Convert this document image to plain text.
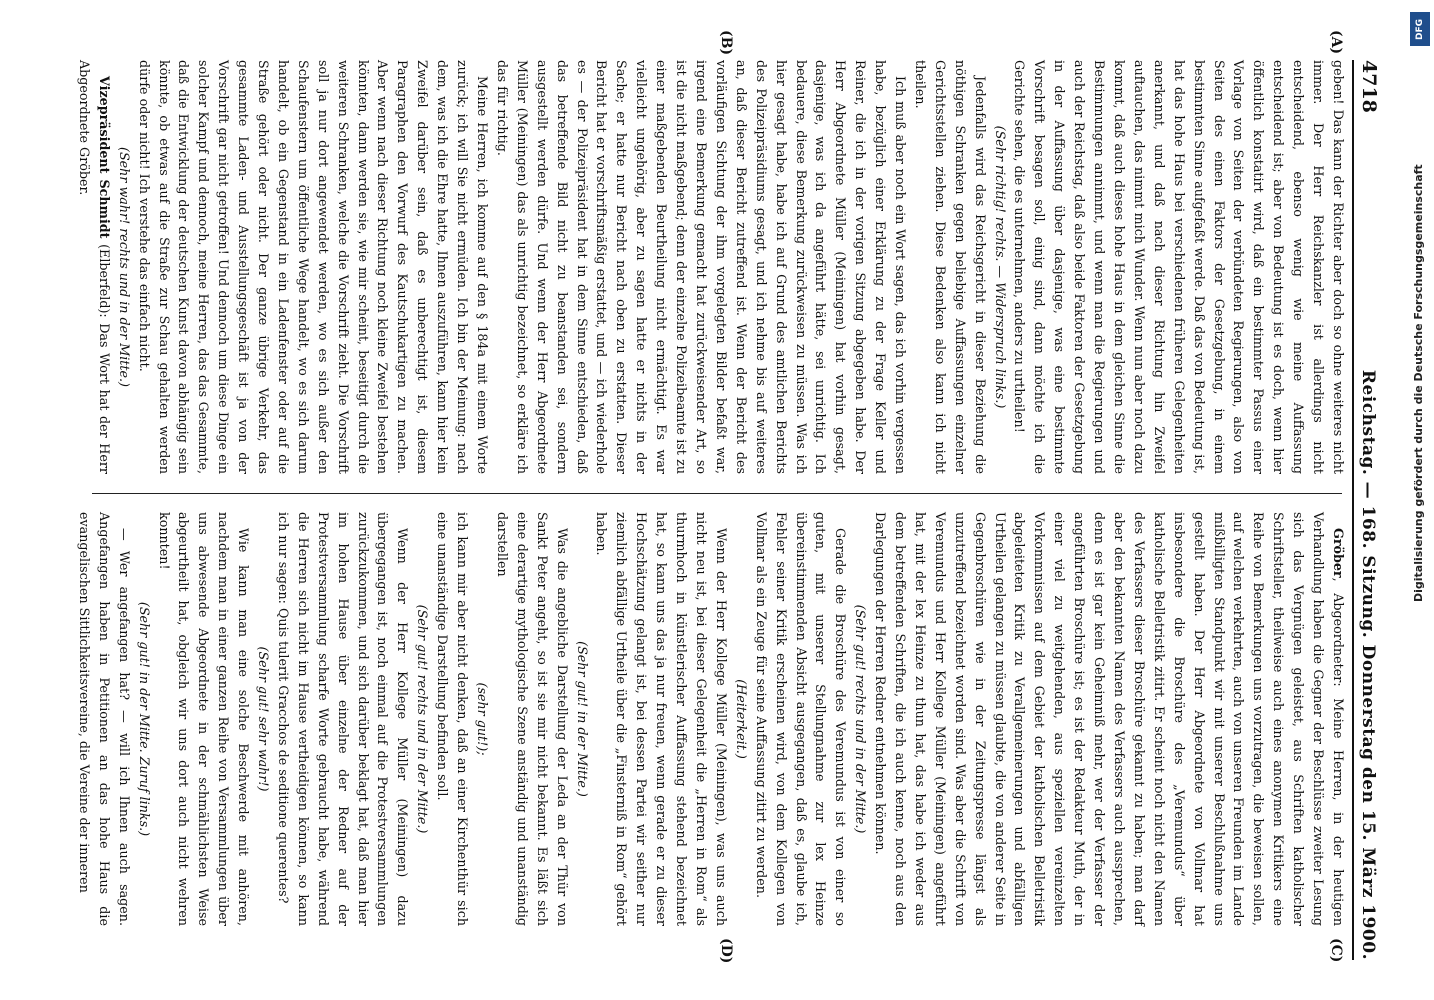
4718
Reichstag. — 168. Sitzung. Donnerstag den 15. März 1900.
(A)
(B)
(C)
(D)

geben! Das kann der Richter aber doch so ohne weiteres nicht immer. Der Herr Reichskanzler ist allerdings nicht entscheidend, ebenso wenig wie meine Auffassung entscheidend ist; aber von Bedeutung ist es doch, wenn hier öffentlich konstatirt wird, daß ein bestimmter Passus einer Vorlage von Seiten der verbündeten Regierungen, also von Seiten des einen Faktors der Gesetzgebung, in einem bestimmten Sinne aufgefaßt werde. Daß das von Bedeutung ist, hat das hohe Haus bei verschiedenen früheren Gelegenheiten anerkannt, und daß nach dieser Richtung hin Zweifel auftauchen, das nimmt mich Wunder. Wenn nun aber noch dazu kommt, daß auch dieses hohe Haus in dem gleichen Sinne die Bestimmungen annimmt, und wenn man die Regierungen und auch der Reichstag, daß also beide Faktoren der Gesetzgebung in der Auffassung über dasjenige, was eine bestimmte Vorschrift besagen soll, einig sind, dann möchte ich die Gerichte sehen, die es unternehmen, anders zu urtheilen!

(Sehr richtig! rechts. — Widerspruch links.)

Jedenfalls wird das Reichsgericht in dieser Beziehung die nöthigen Schranken gegen beliebige Auffassungen einzelner Gerichtsstellen ziehen. Diese Bedenken also kann ich nicht theilen.

Ich muß aber noch ein Wort sagen, das ich vorhin vergessen habe, bezüglich einer Erklärung zu der Frage Keller und Reiner, die ich in der vorigen Sitzung abgegeben habe. Der Herr Abgeordnete Müller (Meiningen) hat vorhin gesagt, dasjenige, was ich da angeführt hätte, sei unrichtig. Ich bedauere, diese Bemerkung zurückweisen zu müssen. Was ich hier gesagt habe, habe ich auf Grund des amtlichen Berichts des Polizeipräsidiums gesagt, und ich nehme bis auf weiteres an, daß dieser Bericht zutreffend ist. Wenn der Bericht des vorläufigen Sichtung der ihm vorgelegten Bilder befaßt war, irgend eine Bemerkung gemacht hat zurückweisender Art, so ist die nicht maßgebend; denn der einzelne Polizeibeamte ist zu einer maßgebenden Beurtheilung nicht ermächtigt. Es war vielleicht ungehörig, aber zu sagen hatte er nichts in der Sache; er hatte nur Bericht nach oben zu erstatten. Dieser Bericht hat er vorschriftsmäßig erstattet, und — ich wiederhole es — der Polizeipräsident hat in dem Sinne entschieden, daß das betreffende Bild nicht zu beanstanden sei, sondern ausgestellt werden dürfe. Und wenn der Herr Abgeordnete Müller (Meiningen) das als unrichtig bezeichnet, so erkläre ich das für richtig.

Meine Herren, ich komme auf den § 184a mit einem Worte zurück; ich will Sie nicht ermüden. Ich bin der Meinung: nach dem, was ich die Ehre hatte, Ihnen auszuführen, kann hier kein Zweifel darüber sein, daß es unberechtigt ist, diesem Paragraphen den Vorwurf des Kautschukartigen zu machen. Aber wenn nach dieser Richtung noch kleine Zweifel bestehen könnten, dann werden sie, wie mir scheint, beseitigt durch die weiteren Schranken, welche die Vorschrift zieht. Die Vorschrift soll ja nur dort angewendet werden, wo es sich außer den Schaufenstern um öffentliche Wege handelt, wo es sich darum handelt, ob ein Gegenstand in ein Ladenfenster oder auf die Straße gehört oder nicht. Der ganze übrige Verkehr, das gesammte Laden- und Ausstellungsgeschäft ist ja von der Vorschrift gar nicht getroffen! Und dennoch um diese Dinge ein solcher Kampf und dennoch, meine Herren, das das Gesammte, daß die Entwicklung der deutschen Kunst davon abhängig sein könnte, ob etwas auf die Straße zur Schau gehalten werden dürfe oder nicht! Ich verstehe das einfach nicht.

(Sehr wahr! rechts und in der Mitte.)

Vizepräsident Schmidt (Elberfeld): Das Wort hat der Herr Abgeordnete Gröber.

Gröber, Abgeordneter: Meine Herren, in der heutigen Verhandlung haben die Gegner der Beschlüsse zweiter Lesung sich das Vergnügen geleistet, aus Schriften katholischer Schriftsteller, theilweise auch eines anonymen Kritikers eine Reihe von Bemerkungen uns vorzutragen, die beweisen sollen, auf welchen verkehrten, auch von unseren Freunden im Lande mißbilligten Standpunkt wir mit unserer Beschlußnahme uns gestellt haben. Der Herr Abgeordnete von Vollmar hat insbesondere die Broschüre des „Veremundus“ über katholische Belletristik zitirt. Er scheint noch nicht den Namen des Verfassers dieser Broschüre gekannt zu haben; man darf aber den bekannten Namen des Verfassers auch aussprechen, denn es ist gar kein Geheimniß mehr, wer der Verfasser der angeführten Broschüre ist; es ist der Redakteur Muth, der in einer viel zu weitgehenden, aus speziellen vereinzelten Vorkommnissen auf dem Gebiet der katholischen Belletristik abgeleiteten Kritik zu Verallgemeinerungen und abfälligen Urtheilen gelangen zu müssen glaubte, die von anderer Seite in Gegenbroschüren wie in der Zeitungspresse längst als unzutreffend bezeichnet worden sind. Was aber die Schrift von Veremundus und Herr Kollege Müller (Meiningen) angeführt hat, mit der lex Heinze zu thun hat, das habe ich weder aus dem betreffenden Schriften, die ich auch kenne, noch aus den Darlegungen der Herren Redner entnehmen können.

(Sehr gut! rechts und in der Mitte.)

Gerade die Broschüre des Veremundus ist von einer so guten, mit unserer Stellungnahme zur lex Heinze übereinstimmenden Absicht ausgegangen, daß es, glaube ich, Fehler seiner Kritik erscheinen wird, von dem Kollegen von Vollmar als ein Zeuge für seine Auffassung zitirt zu werden.

(Heiterkeit.)

Wenn der Herr Kollege Müller (Meiningen), was uns auch nicht neu ist, bei dieser Gelegenheit die „Herren in Rom“ als thurmhoch in künstlerischer Auffassung stehend bezeichnet hat, so kann uns das ja nur freuen, wenn gerade er zu dieser Hochschätzung gelangt ist, bei dessen Partei wir seither nur ziemlich abfällige Urtheile über die „Finsterniß in Rom“ gehört haben.

(Sehr gut! in der Mitte.)

Was die angebliche Darstellung der Leda an der Thür von Sankt Peter angeht, so ist sie mir nicht bekannt. Es läßt sich eine derartige mythologische Szene anständig und unanständig darstellen

(sehr gut!);

ich kann mir aber nicht denken, daß an einer Kirchenthür sich eine unanständige Darstellung befinden soll.

(Sehr gut! rechts und in der Mitte.)

Wenn der Herr Kollege Müller (Meiningen) dazu übergegangen ist, noch einmal auf die Protestversammlungen zurückzukommen, und sich darüber beklagt hat, daß man hier im hohen Hause über einzelne der Redner auf der Protestversammlung scharfe Worte gebraucht habe, während die Herren sich nicht im Hause vertheidigen können, so kann ich nur sagen: Quis tulerit Gracchos de seditione querentes?

(Sehr gut! sehr wahr!)

Wie kann man eine solche Beschwerde mit anhören, nachdem man in einer ganzen Reihe von Versammlungen über uns abwesende Abgeordnete in der schmählichsten Weise abgeurtheilt hat, obgleich wir uns dort auch nicht wehren konnten!

(Sehr gut! in der Mitte. Zuruf links.)

— Wer angefangen hat? — will ich Ihnen auch sagen. Angefangen haben in Petitionen an das hohe Haus die evangelischen Sittlichkeitsvereine, die Vereine der inneren

DFG
Digitalisierung gefördert durch die Deutsche Forschungsgemeinschaft
